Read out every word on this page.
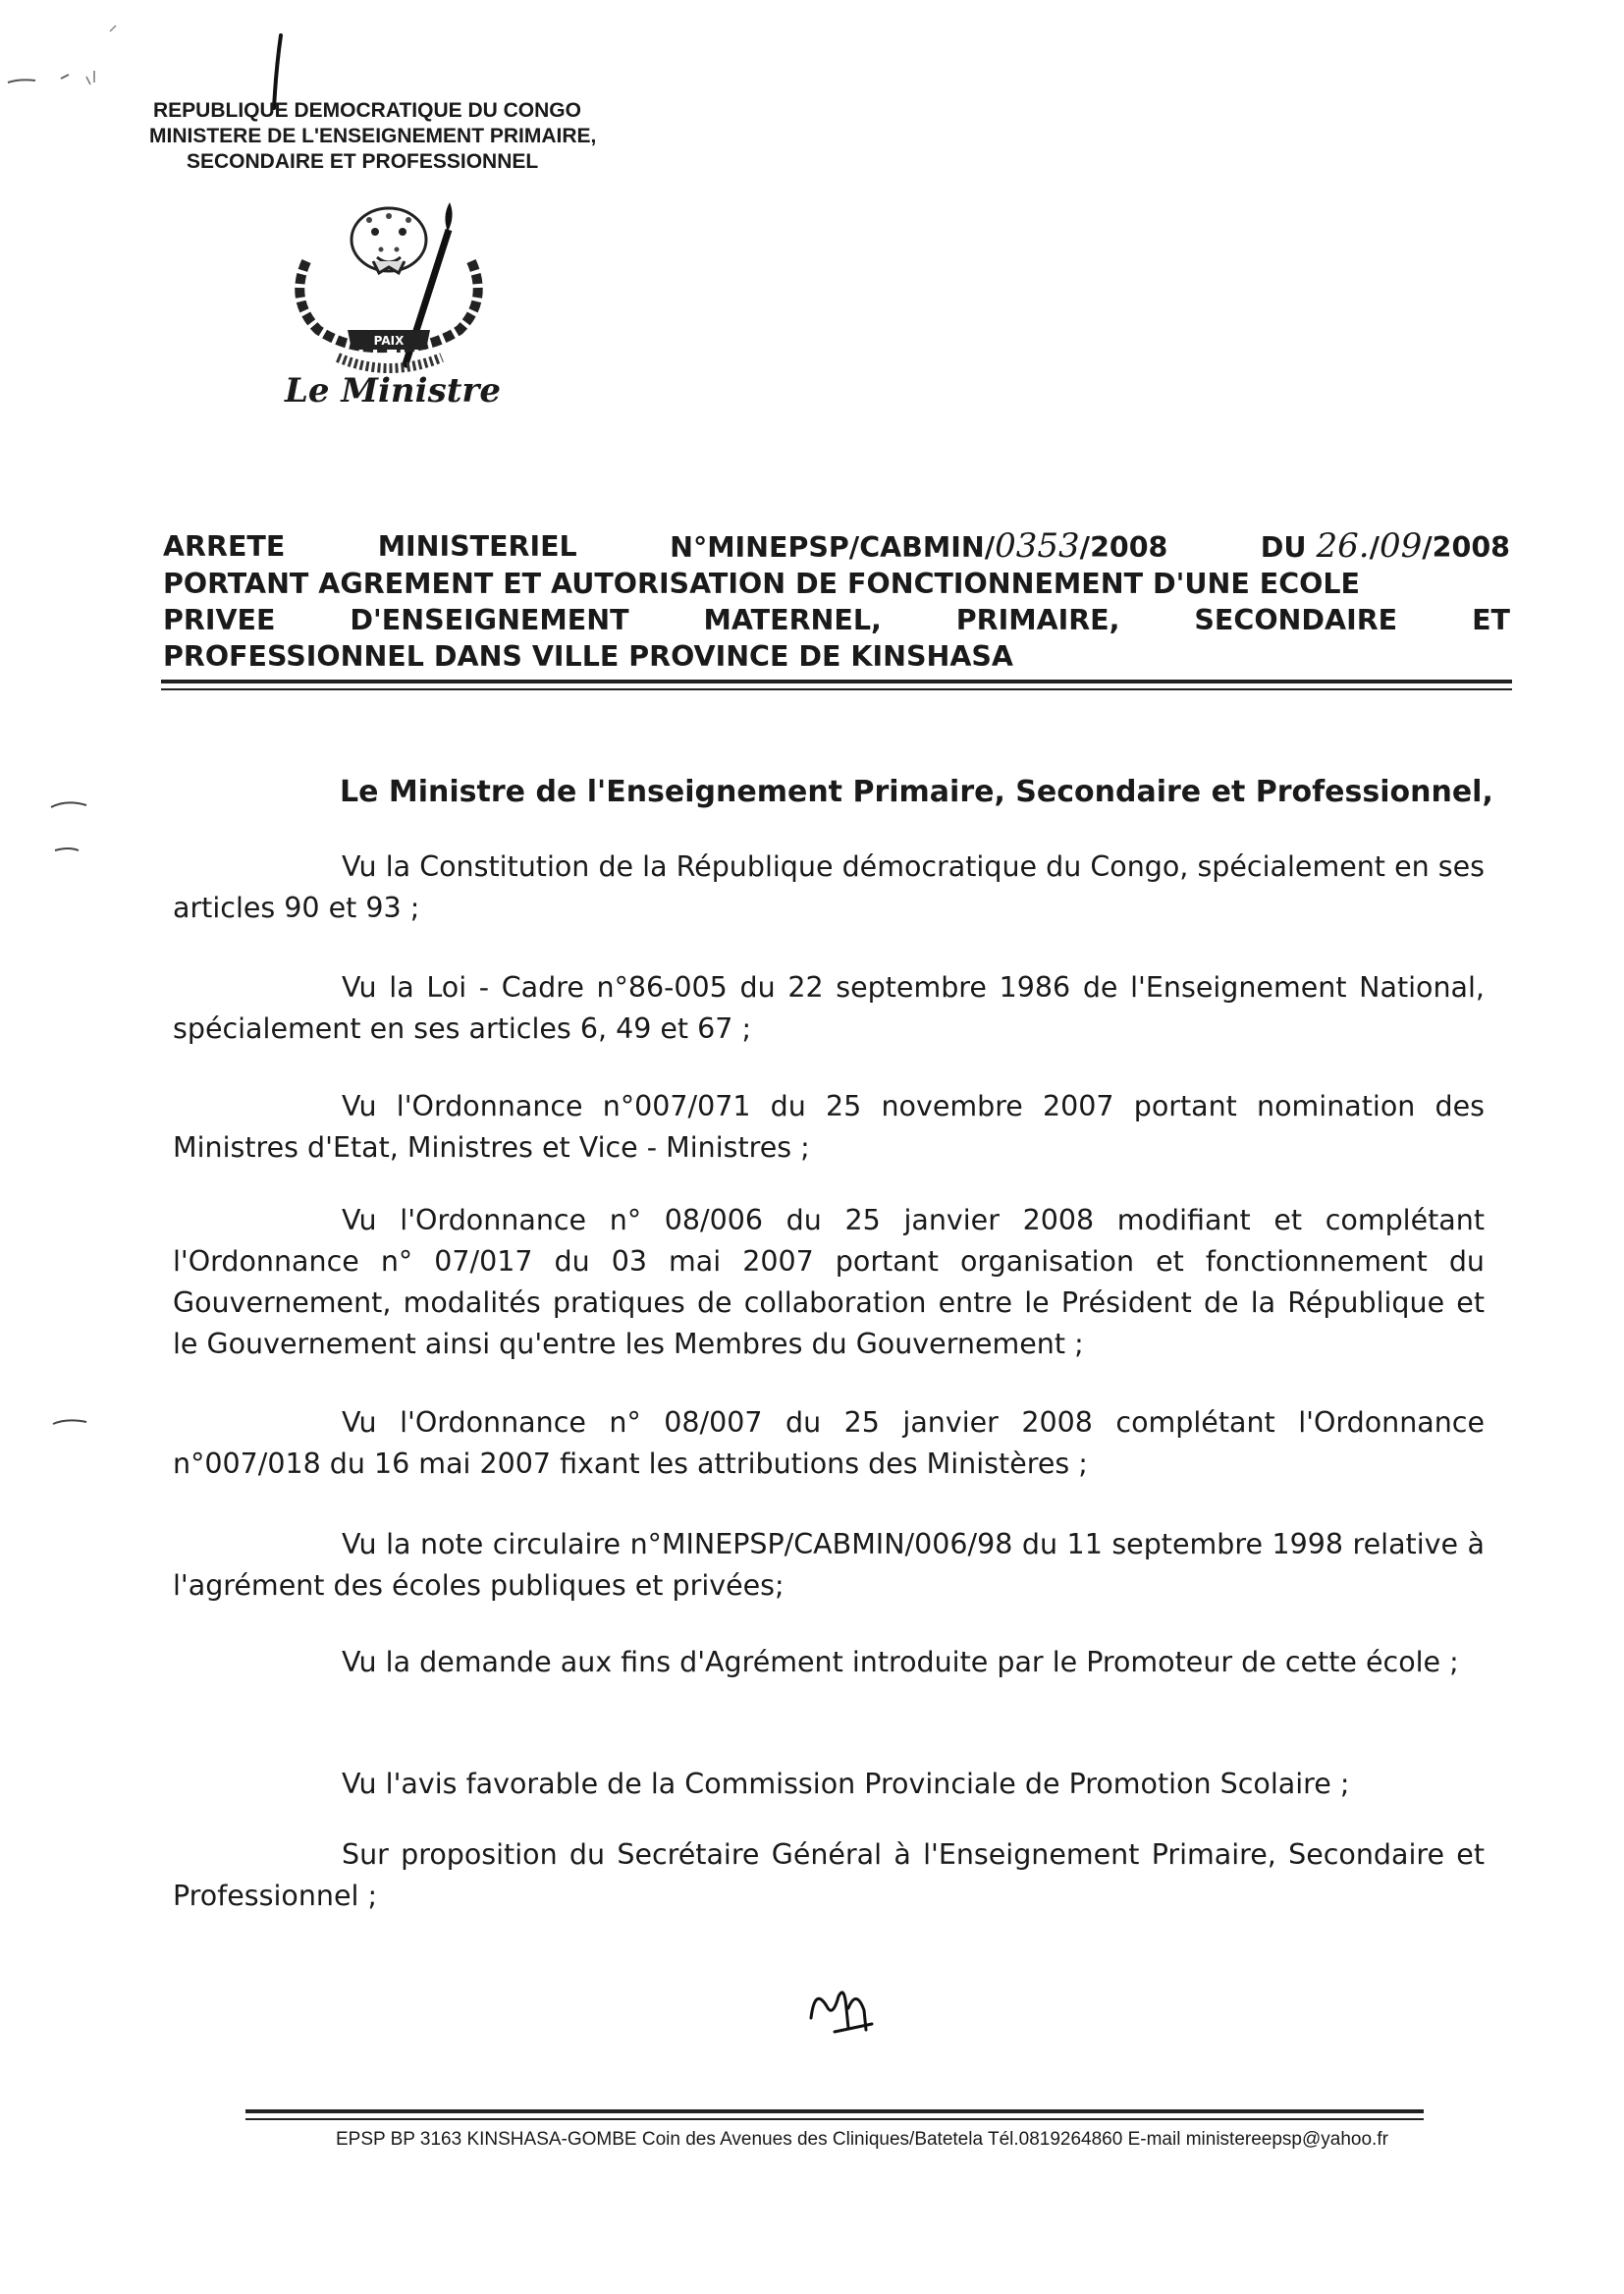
REPUBLIQUE DEMOCRATIQUE DU CONGO
MINISTERE DE L'ENSEIGNEMENT PRIMAIRE,
SECONDAIRE ET PROFESSIONNEL
PAIX
Le Ministre
ARRETE	MINISTERIEL	N°MINEPSP/CABMIN/0353/2008	DU 26./09/2008
PORTANT AGREMENT ET AUTORISATION DE FONCTIONNEMENT D'UNE ECOLE
PRIVEE	D'ENSEIGNEMENT	MATERNEL,	PRIMAIRE,	SECONDAIRE	ET
PROFESSIONNEL DANS VILLE PROVINCE DE KINSHASA
Le Ministre de l'Enseignement Primaire, Secondaire et Professionnel,
Vu la Constitution de la République démocratique du Congo, spécialement en ses articles 90 et 93 ;
Vu la Loi - Cadre n°86-005 du 22 septembre 1986 de l'Enseignement National, spécialement en ses articles 6, 49 et 67 ;
Vu l'Ordonnance n°007/071 du 25 novembre 2007 portant nomination des Ministres d'Etat, Ministres et Vice - Ministres ;
Vu l'Ordonnance n° 08/006 du 25 janvier 2008 modifiant et complétant l'Ordonnance n° 07/017 du 03 mai 2007 portant organisation et fonctionnement du Gouvernement, modalités pratiques de collaboration entre le Président de la République et le Gouvernement ainsi qu'entre les Membres du Gouvernement ;
Vu l'Ordonnance n° 08/007 du 25 janvier 2008 complétant l'Ordonnance n°007/018 du 16 mai 2007 fixant les attributions des Ministères ;
Vu la note circulaire n°MINEPSP/CABMIN/006/98 du 11 septembre 1998 relative à l'agrément des écoles publiques et privées;
Vu la demande aux fins d'Agrément introduite par le Promoteur de cette école ;
Vu l'avis favorable de la Commission Provinciale de Promotion Scolaire ;
Sur proposition du Secrétaire Général à l'Enseignement Primaire, Secondaire et Professionnel ;
EPSP BP 3163 KINSHASA-GOMBE Coin des Avenues des Cliniques/Batetela Tél.0819264860 E-mail ministereepsp@yahoo.fr
